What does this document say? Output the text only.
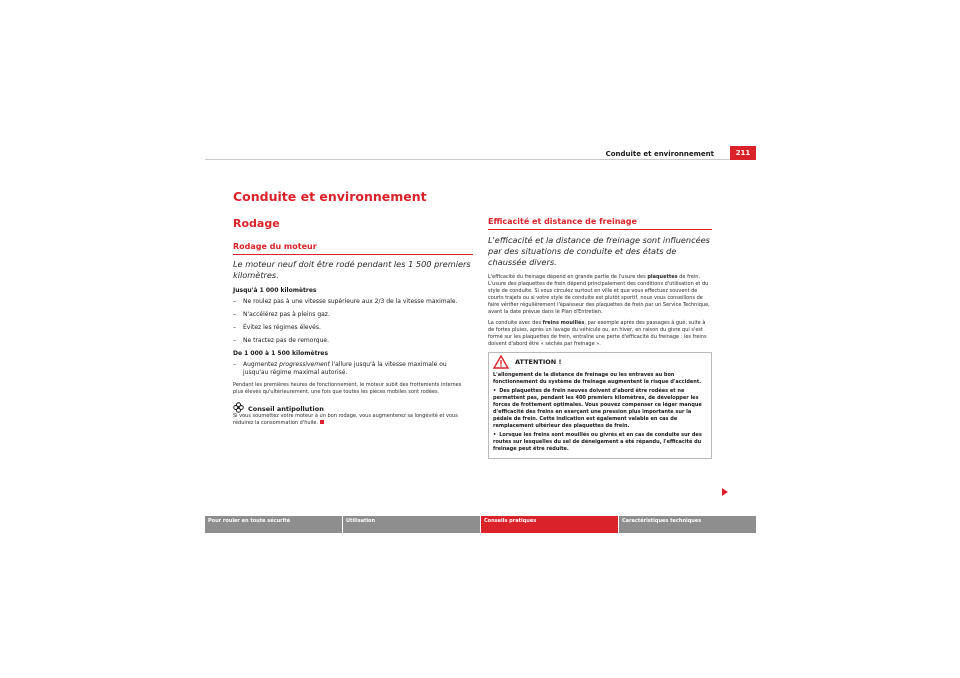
Conduite et environnement	211
Conduite et environnement
Rodage
Rodage du moteur
Le moteur neuf doit être rodé pendant les 1 500 premiers kilomètres.
Jusqu'à 1 000 kilomètres
– Ne roulez pas à une vitesse supérieure aux 2/3 de la vitesse maximale.
– N'accélérez pas à pleins gaz.
– Évitez les régimes élevés.
– Ne tractez pas de remorque.
De 1 000 à 1 500 kilomètres
– Augmentez progressivement l'allure jusqu'à la vitesse maximale ou jusqu'au régime maximal autorisé.
Pendant les premières heures de fonctionnement, le moteur subit des frottements internes plus élevés qu'ultérieurement, une fois que toutes les pièces mobiles sont rodées.
Conseil antipollution
Si vous soumettez votre moteur à un bon rodage, vous augmenterez sa longévité et vous réduirez la consommation d'huile.
Efficacité et distance de freinage
L'efficacité et la distance de freinage sont influencées par des situations de conduite et des états de chaussée divers.
L'efficacité du freinage dépend en grande partie de l'usure des plaquettes de frein. L'usure des plaquettes de frein dépend principalement des conditions d'utilisation et du style de conduite. Si vous circulez surtout en ville et que vous effectuez souvent de courts trajets ou si votre style de conduite est plutôt sportif, nous vous conseillons de faire vérifier régulièrement l'épaisseur des plaquettes de frein par un Service Technique, avant la date prévue dans le Plan d'Entretien.
La conduite avec des freins mouillés, par exemple après des passages à gué, suite à de fortes pluies, après un lavage du véhicule ou, en hiver, en raison du givre qui s'est formé sur les plaquettes de frein, entraîne une perte d'efficacité du freinage : les freins doivent d'abord être « séchés par freinage ».
ATTENTION !
L'allongement de la distance de freinage ou les entraves au bon fonctionnement du système de freinage augmentent le risque d'accident.
• Des plaquettes de frein neuves doivent d'abord être rodées et ne permettent pas, pendant les 400 premiers kilomètres, de développer les forces de frottement optimales. Vous pouvez compenser ce léger manque d'efficacité des freins en exerçant une pression plus importante sur la pédale de frein. Cette indication est également valable en cas de remplacement ultérieur des plaquettes de frein.
• Lorsque les freins sont mouillés ou givrés et en cas de conduite sur des routes sur lesquelles du sel de déneigement a été répandu, l'efficacité du freinage peut être réduite.
Pour rouler en toute sécurité	Utilisation	Conseils pratiques	Caractéristiques techniques
